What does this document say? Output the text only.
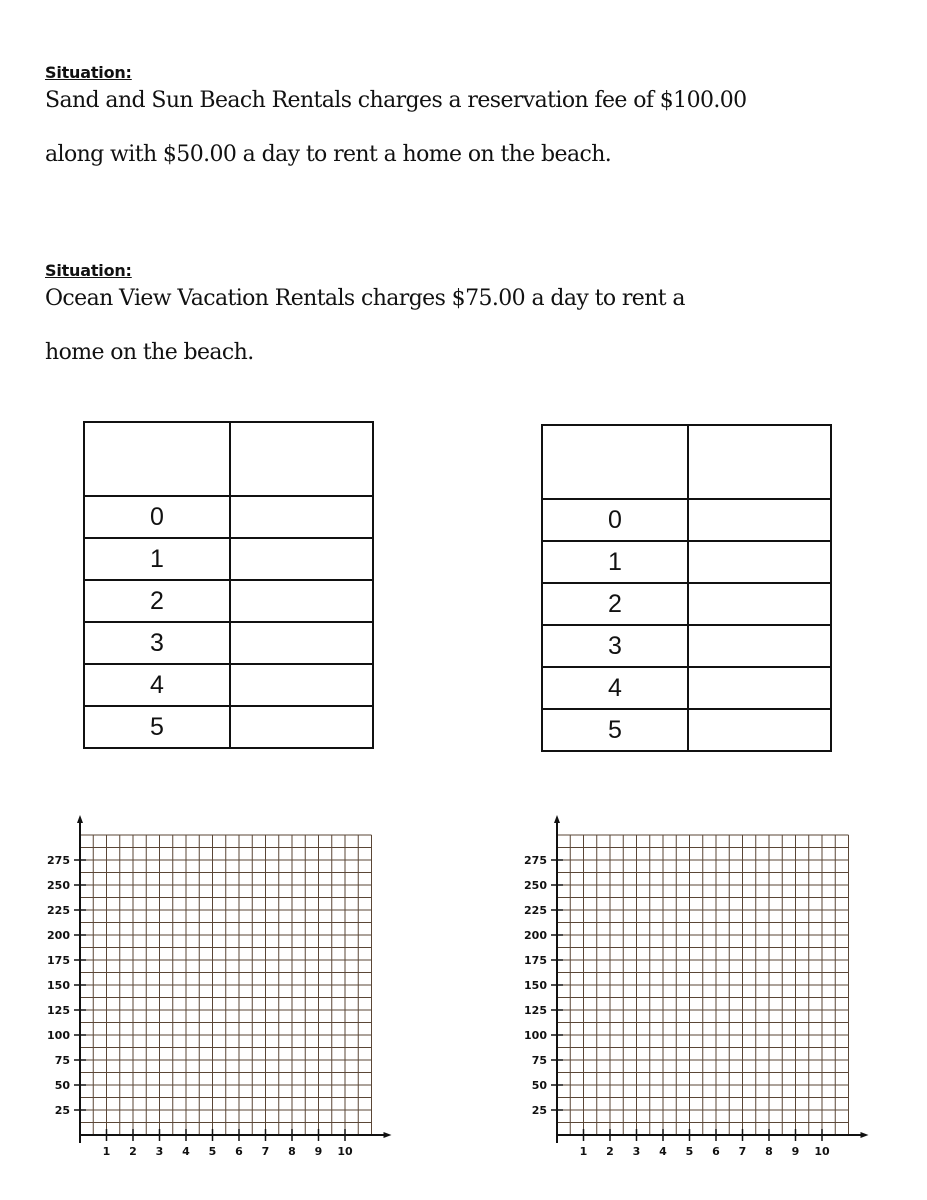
Situation:
Sand and Sun Beach Rentals charges a reservation fee of $100.00
along with $50.00 a day to rent a home on the beach.
Situation:
Ocean View Vacation Rentals charges $75.00 a day to rent a
home on the beach.

0	
1	
2	
3	
4	
5	

0	
1	
2	
3	
4	
5	
25
50
75
100
125
150
175
200
225
250
275
1 2 3 4 5 6 7 8 9 10
25
50
75
100
125
150
175
200
225
250
275
1 2 3 4 5 6 7 8 9 10
